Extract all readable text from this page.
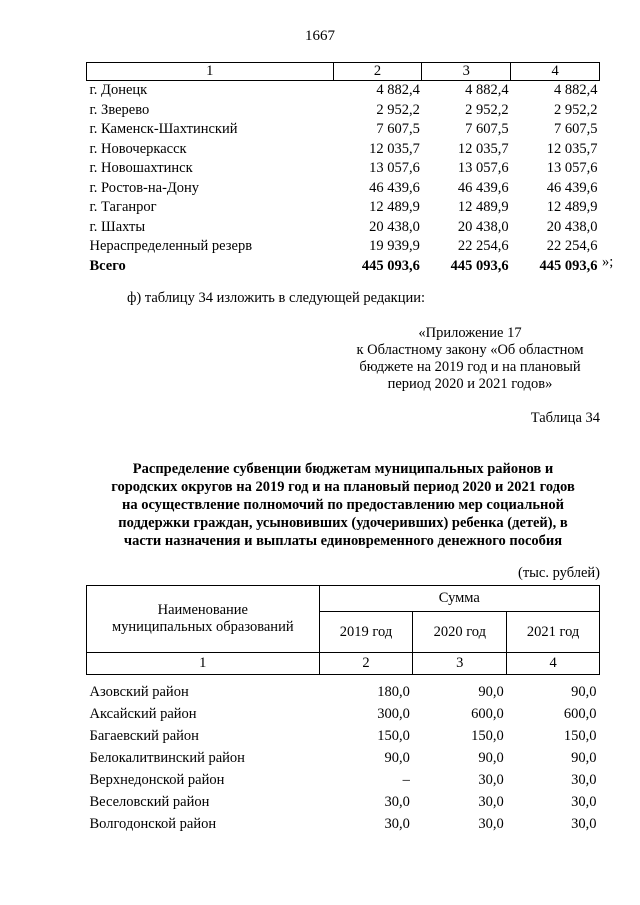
1667
1	2	3	4
г. Донецк	4 882,4	4 882,4	4 882,4
г. Зверево	2 952,2	2 952,2	2 952,2
г. Каменск-Шахтинский	7 607,5	7 607,5	7 607,5
г. Новочеркасск	12 035,7	12 035,7	12 035,7
г. Новошахтинск	13 057,6	13 057,6	13 057,6
г. Ростов-на-Дону	46 439,6	46 439,6	46 439,6
г. Таганрог	12 489,9	12 489,9	12 489,9
г. Шахты	20 438,0	20 438,0	20 438,0
Нераспределенный резерв	19 939,9	22 254,6	22 254,6
Всего	445 093,6	445 093,6	445 093,6 »;
ф) таблицу 34 изложить в следующей редакции:
«Приложение 17
к Областному закону «Об областном
бюджете на 2019 год и на плановый
период 2020 и 2021 годов»
Таблица 34
Распределение субвенции бюджетам муниципальных районов и
городских округов на 2019 год и на плановый период 2020 и 2021 годов
на осуществление полномочий по предоставлению мер социальной
поддержки граждан, усыновивших (удочеривших) ребенка (детей), в
части назначения и выплаты единовременного денежного пособия
(тыс. рублей)
Наименование
муниципальных образований	Сумма		
	2019 год	2020 год	2021 год
1	2	3	4
Азовский район	180,0	90,0	90,0
Аксайский район	300,0	600,0	600,0
Багаевский район	150,0	150,0	150,0
Белокалитвинский район	90,0	90,0	90,0
Верхнедонской район	–	30,0	30,0
Веселовский район	30,0	30,0	30,0
Волгодонской район	30,0	30,0	30,0
